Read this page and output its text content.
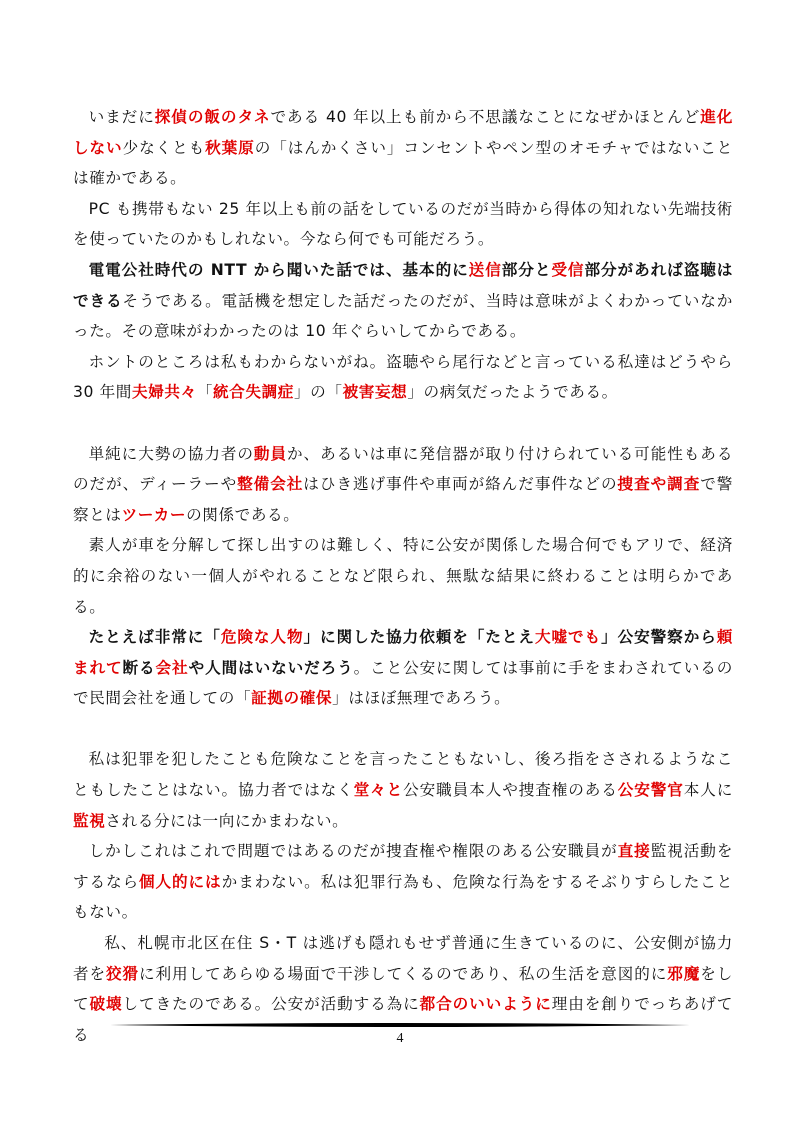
いまだに探偵の飯のタネである 40 年以上も前から不思議なことになぜかほとんど進化しない少なくとも秋葉原の「はんかくさい」コンセントやペン型のオモチャではないことは確かである。

PC も携帯もない 25 年以上も前の話をしているのだが当時から得体の知れない先端技術を使っていたのかもしれない。今なら何でも可能だろう。

電電公社時代の NTT から聞いた話では、基本的に送信部分と受信部分があれば盗聴はできるそうである。電話機を想定した話だったのだが、当時は意味がよくわかっていなかった。その意味がわかったのは 10 年ぐらいしてからである。

ホントのところは私もわからないがね。盗聴やら尾行などと言っている私達はどうやら 30 年間夫婦共々「統合失調症」の「被害妄想」の病気だったようである。

単純に大勢の協力者の動員か、あるいは車に発信器が取り付けられている可能性もあるのだが、ディーラーや整備会社はひき逃げ事件や車両が絡んだ事件などの捜査や調査で警察とはツーカーの関係である。

素人が車を分解して探し出すのは難しく、特に公安が関係した場合何でもアリで、経済的に余裕のない一個人がやれることなど限られ、無駄な結果に終わることは明らかである。

たとえば非常に「危険な人物」に関した協力依頼を「たとえ大嘘でも」公安警察から頼まれて断る会社や人間はいないだろう。こと公安に関しては事前に手をまわされているので民間会社を通しての「証拠の確保」はほぼ無理であろう。

私は犯罪を犯したことも危険なことを言ったこともないし、後ろ指をさされるようなこともしたことはない。協力者ではなく堂々と公安職員本人や捜査権のある公安警官本人に監視される分には一向にかまわない。

しかしこれはこれで問題ではあるのだが捜査権や権限のある公安職員が直接監視活動をするなら個人的にはかまわない。私は犯罪行為も、危険な行為をするそぶりすらしたこともない。

私、札幌市北区在住 S・T は逃げも隠れもせず普通に生きているのに、公安側が協力者を狡猾に利用してあらゆる場面で干渉してくるのであり、私の生活を意図的に邪魔をして破壊してきたのである。公安が活動する為に都合のいいように理由を創りでっちあげてる	4
